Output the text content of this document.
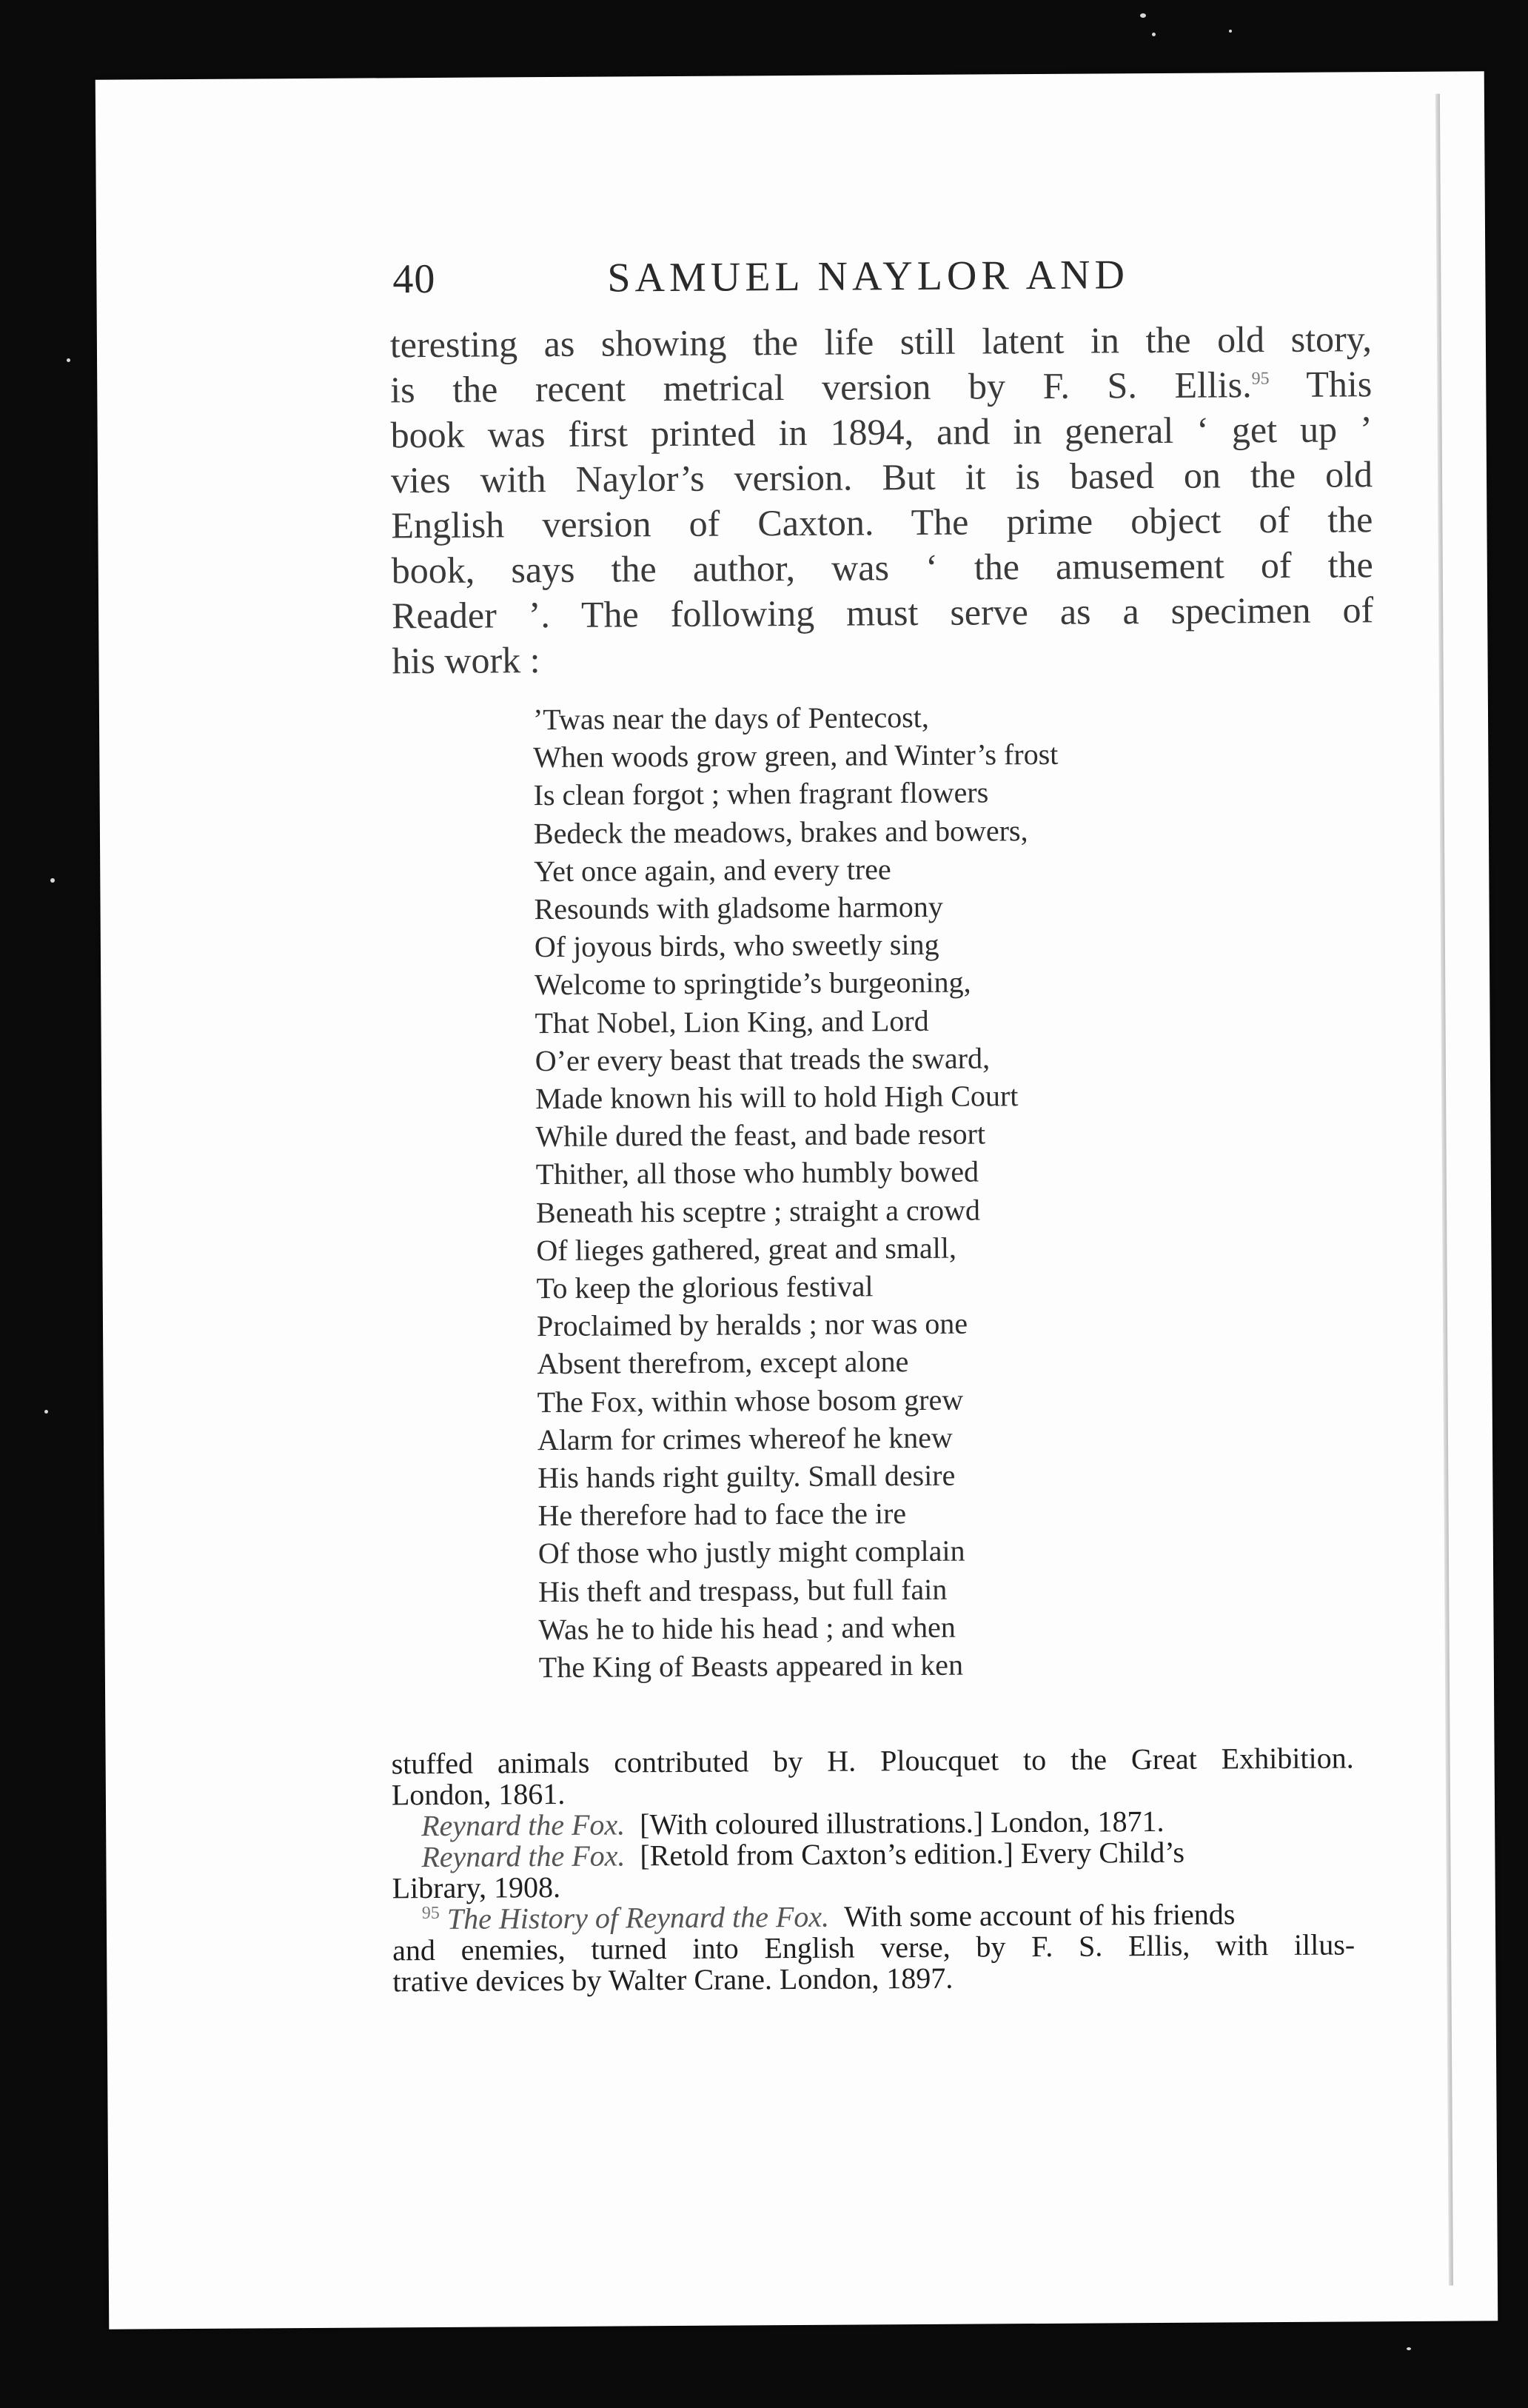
40	SAMUEL NAYLOR AND
teresting as showing the life still latent in the old story,
is the recent metrical version by F. S. Ellis.$^{95}$ This
book was first printed in 1894, and in general ‘ get up ’
vies with Naylor’s version. But it is based on the old
English version of Caxton. The prime object of the
book, says the author, was ‘ the amusement of the
Reader ’. The following must serve as a specimen of
his work :
’Twas near the days of Pentecost,
When woods grow green, and Winter’s frost
Is clean forgot ; when fragrant flowers
Bedeck the meadows, brakes and bowers,
Yet once again, and every tree
Resounds with gladsome harmony
Of joyous birds, who sweetly sing
Welcome to springtide’s burgeoning,
That Nobel, Lion King, and Lord
O’er every beast that treads the sward,
Made known his will to hold High Court
While dured the feast, and bade resort
Thither, all those who humbly bowed
Beneath his sceptre ; straight a crowd
Of lieges gathered, great and small,
To keep the glorious festival
Proclaimed by heralds ; nor was one
Absent therefrom, except alone
The Fox, within whose bosom grew
Alarm for crimes whereof he knew
His hands right guilty. Small desire
He therefore had to face the ire
Of those who justly might complain
His theft and trespass, but full fain
Was he to hide his head ; and when
The King of Beasts appeared in ken
stuffed animals contributed by H. Ploucquet to the Great Exhibition.
London, 1861.
Reynard the Fox. [With coloured illustrations.] London, 1871.
Reynard the Fox. [Retold from Caxton’s edition.] Every Child’s
Library, 1908.
$^{95}$ The History of Reynard the Fox. With some account of his friends
and enemies, turned into English verse, by F. S. Ellis, with illus-
trative devices by Walter Crane. London, 1897.
